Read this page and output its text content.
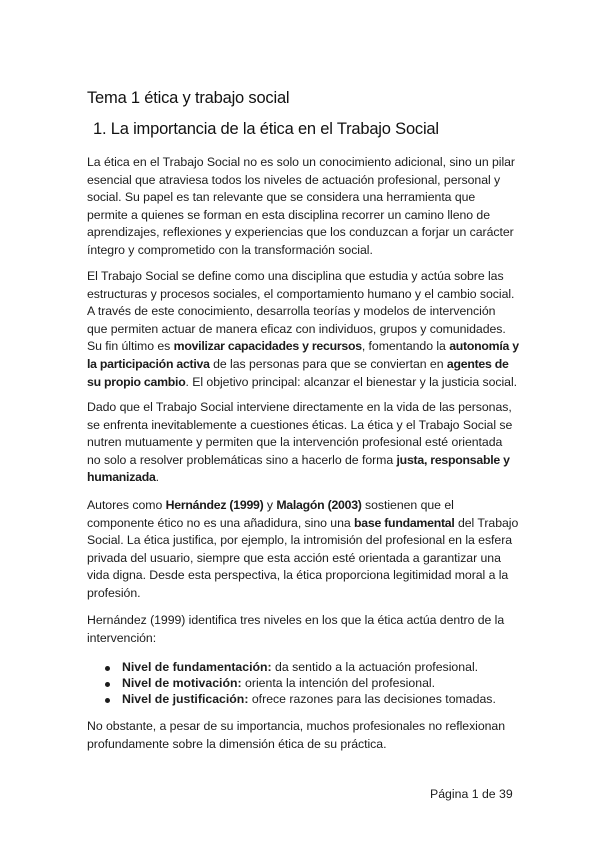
Tema 1 ética y trabajo social
1. La importancia de la ética en el Trabajo Social

La ética en el Trabajo Social no es solo un conocimiento adicional, sino un pilar esencial que atraviesa todos los niveles de actuación profesional, personal y social. Su papel es tan relevante que se considera una herramienta que permite a quienes se forman en esta disciplina recorrer un camino lleno de aprendizajes, reflexiones y experiencias que los conduzcan a forjar un carácter íntegro y comprometido con la transformación social.

El Trabajo Social se define como una disciplina que estudia y actúa sobre las estructuras y procesos sociales, el comportamiento humano y el cambio social. A través de este conocimiento, desarrolla teorías y modelos de intervención que permiten actuar de manera eficaz con individuos, grupos y comunidades. Su fin último es movilizar capacidades y recursos, fomentando la autonomía y la participación activa de las personas para que se conviertan en agentes de su propio cambio. El objetivo principal: alcanzar el bienestar y la justicia social.

Dado que el Trabajo Social interviene directamente en la vida de las personas, se enfrenta inevitablemente a cuestiones éticas. La ética y el Trabajo Social se nutren mutuamente y permiten que la intervención profesional esté orientada no solo a resolver problemáticas sino a hacerlo de forma justa, responsable y humanizada.

Autores como Hernández (1999) y Malagón (2003) sostienen que el componente ético no es una añadidura, sino una base fundamental del Trabajo Social. La ética justifica, por ejemplo, la intromisión del profesional en la esfera privada del usuario, siempre que esta acción esté orientada a garantizar una vida digna. Desde esta perspectiva, la ética proporciona legitimidad moral a la profesión.

Hernández (1999) identifica tres niveles en los que la ética actúa dentro de la intervención:

Nivel de fundamentación: da sentido a la actuación profesional.
Nivel de motivación: orienta la intención del profesional.
Nivel de justificación: ofrece razones para las decisiones tomadas.

No obstante, a pesar de su importancia, muchos profesionales no reflexionan profundamente sobre la dimensión ética de su práctica.

Página 1 de 39
